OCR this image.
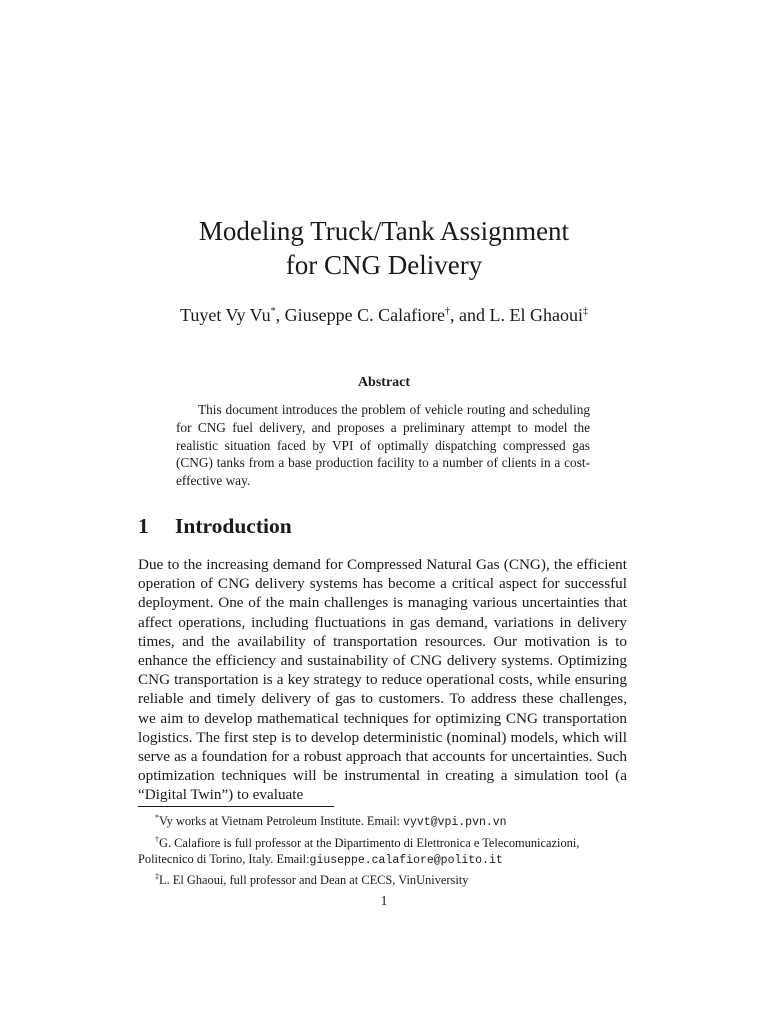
Modeling Truck/Tank Assignment
for CNG Delivery
Tuyet Vy Vu*, Giuseppe C. Calafiore†, and L. El Ghaoui‡
Abstract

This document introduces the problem of vehicle routing and scheduling for CNG fuel delivery, and proposes a preliminary attempt to model the realistic situation faced by VPI of optimally dispatching compressed gas (CNG) tanks from a base production facility to a number of clients in a cost-effective way.

1 Introduction

Due to the increasing demand for Compressed Natural Gas (CNG), the efficient operation of CNG delivery systems has become a critical aspect for successful deployment. One of the main challenges is managing various uncertainties that affect operations, including fluctuations in gas demand, variations in delivery times, and the availability of transportation resources. Our motivation is to enhance the efficiency and sustainability of CNG delivery systems. Optimizing CNG transportation is a key strategy to reduce operational costs, while ensuring reliable and timely delivery of gas to customers. To address these challenges, we aim to develop mathematical techniques for optimizing CNG transportation logistics. The first step is to develop deterministic (nominal) models, which will serve as a foundation for a robust approach that accounts for uncertainties. Such optimization techniques will be instrumental in creating a simulation tool (a “Digital Twin”) to evaluate

*Vy works at Vietnam Petroleum Institute. Email: vyvt@vpi.pvn.vn

†G. Calafiore is full professor at the Dipartimento di Elettronica e Telecomunicazioni, Politecnico di Torino, Italy. Email:giuseppe.calafiore@polito.it

‡L. El Ghaoui, full professor and Dean at CECS, VinUniversity

1
